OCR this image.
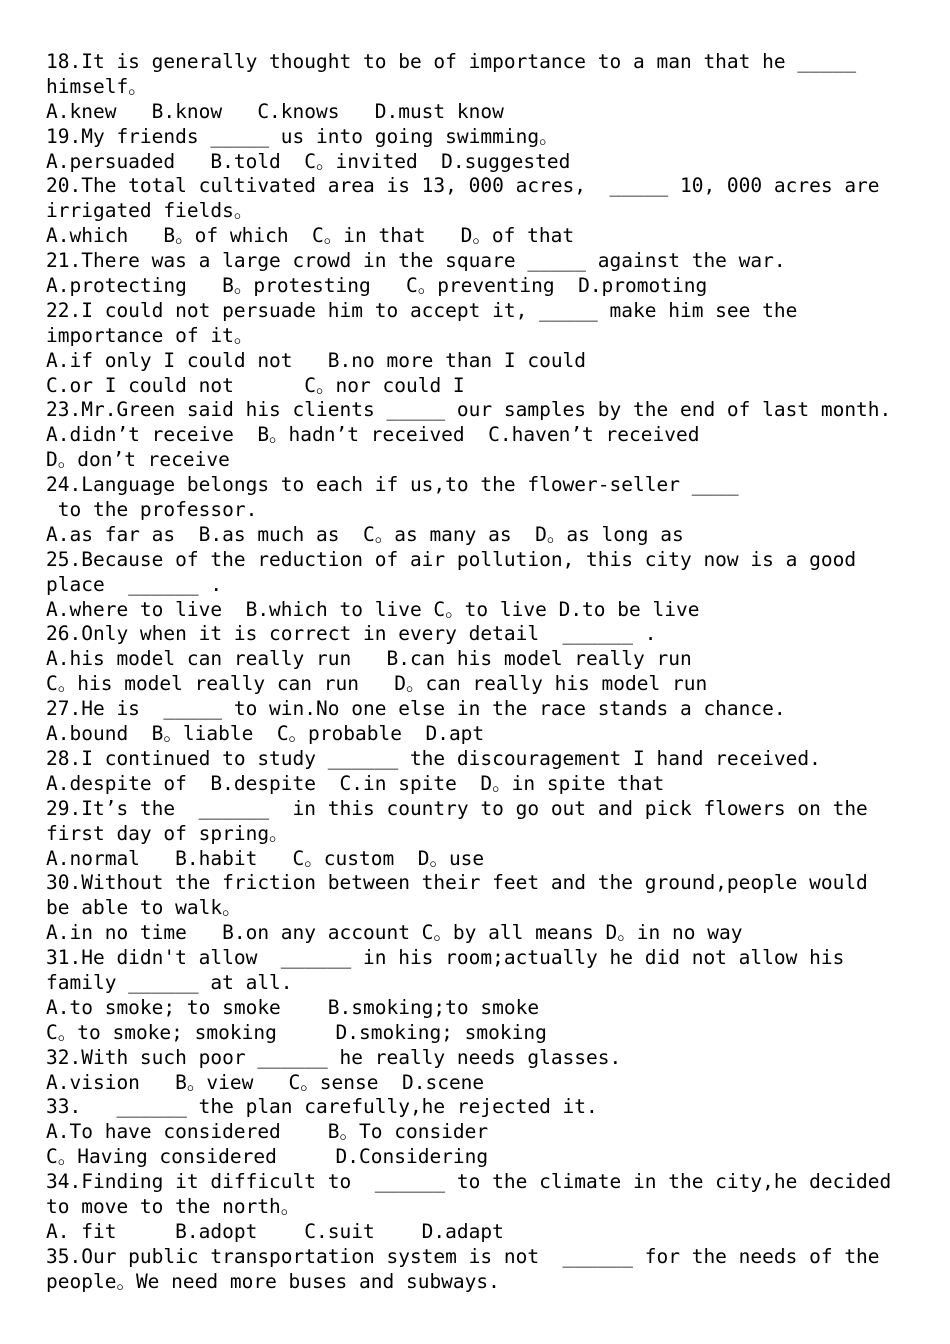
18.It is generally thought to be of importance to a man that he _____
himself。
A.knew   B.know   C.knows   D.must know
19.My friends _____ us into going swimming。
A.persuaded   B.told  C。invited  D.suggested
20.The total cultivated area is 13, 000 acres,  _____ 10, 000 acres are
irrigated fields。
A.which   B。of which  C。in that   D。of that
21.There was a large crowd in the square _____ against the war.
A.protecting   B。protesting   C。preventing  D.promoting
22.I could not persuade him to accept it, _____ make him see the
importance of it。
A.if only I could not   B.no more than I could
C.or I could not      C。nor could I
23.Mr.Green said his clients _____ our samples by the end of last month.
A.didn’t receive  B。hadn’t received  C.haven’t received
D。don’t receive
24.Language belongs to each if us,to the flower-seller ____
to the professor.
A.as far as  B.as much as  C。as many as  D。as long as
25.Because of the reduction of air pollution, this city now is a good
place  ______ .
A.where to live  B.which to live C。to live D.to be live
26.Only when it is correct in every detail  ______ .
A.his model can really run   B.can his model really run
C。his model really can run   D。can really his model run
27.He is  _____ to win.No one else in the race stands a chance.
A.bound  B。liable  C。probable  D.apt
28.I continued to study ______ the discouragement I hand received.
A.despite of  B.despite  C.in spite  D。in spite that
29.It’s the  ______  in this country to go out and pick flowers on the
first day of spring。
A.normal   B.habit   C。custom  D。use
30.Without the friction between their feet and the ground,people would
be able to walk。
A.in no time   B.on any account C。by all means D。in no way
31.He didn't allow  ______ in his room;actually he did not allow his
family ______ at all.
A.to smoke; to smoke    B.smoking;to smoke
C。to smoke; smoking     D.smoking; smoking
32.With such poor ______ he really needs glasses.
A.vision   B。view   C。sense  D.scene
33.   ______ the plan carefully,he rejected it.
A.To have considered    B。To consider
C。Having considered     D.Considering
34.Finding it difficult to  ______ to the climate in the city,he decided
to move to the north。
A. fit     B.adopt    C.suit    D.adapt
35.Our public transportation system is not  ______ for the needs of the
people。We need more buses and subways.
